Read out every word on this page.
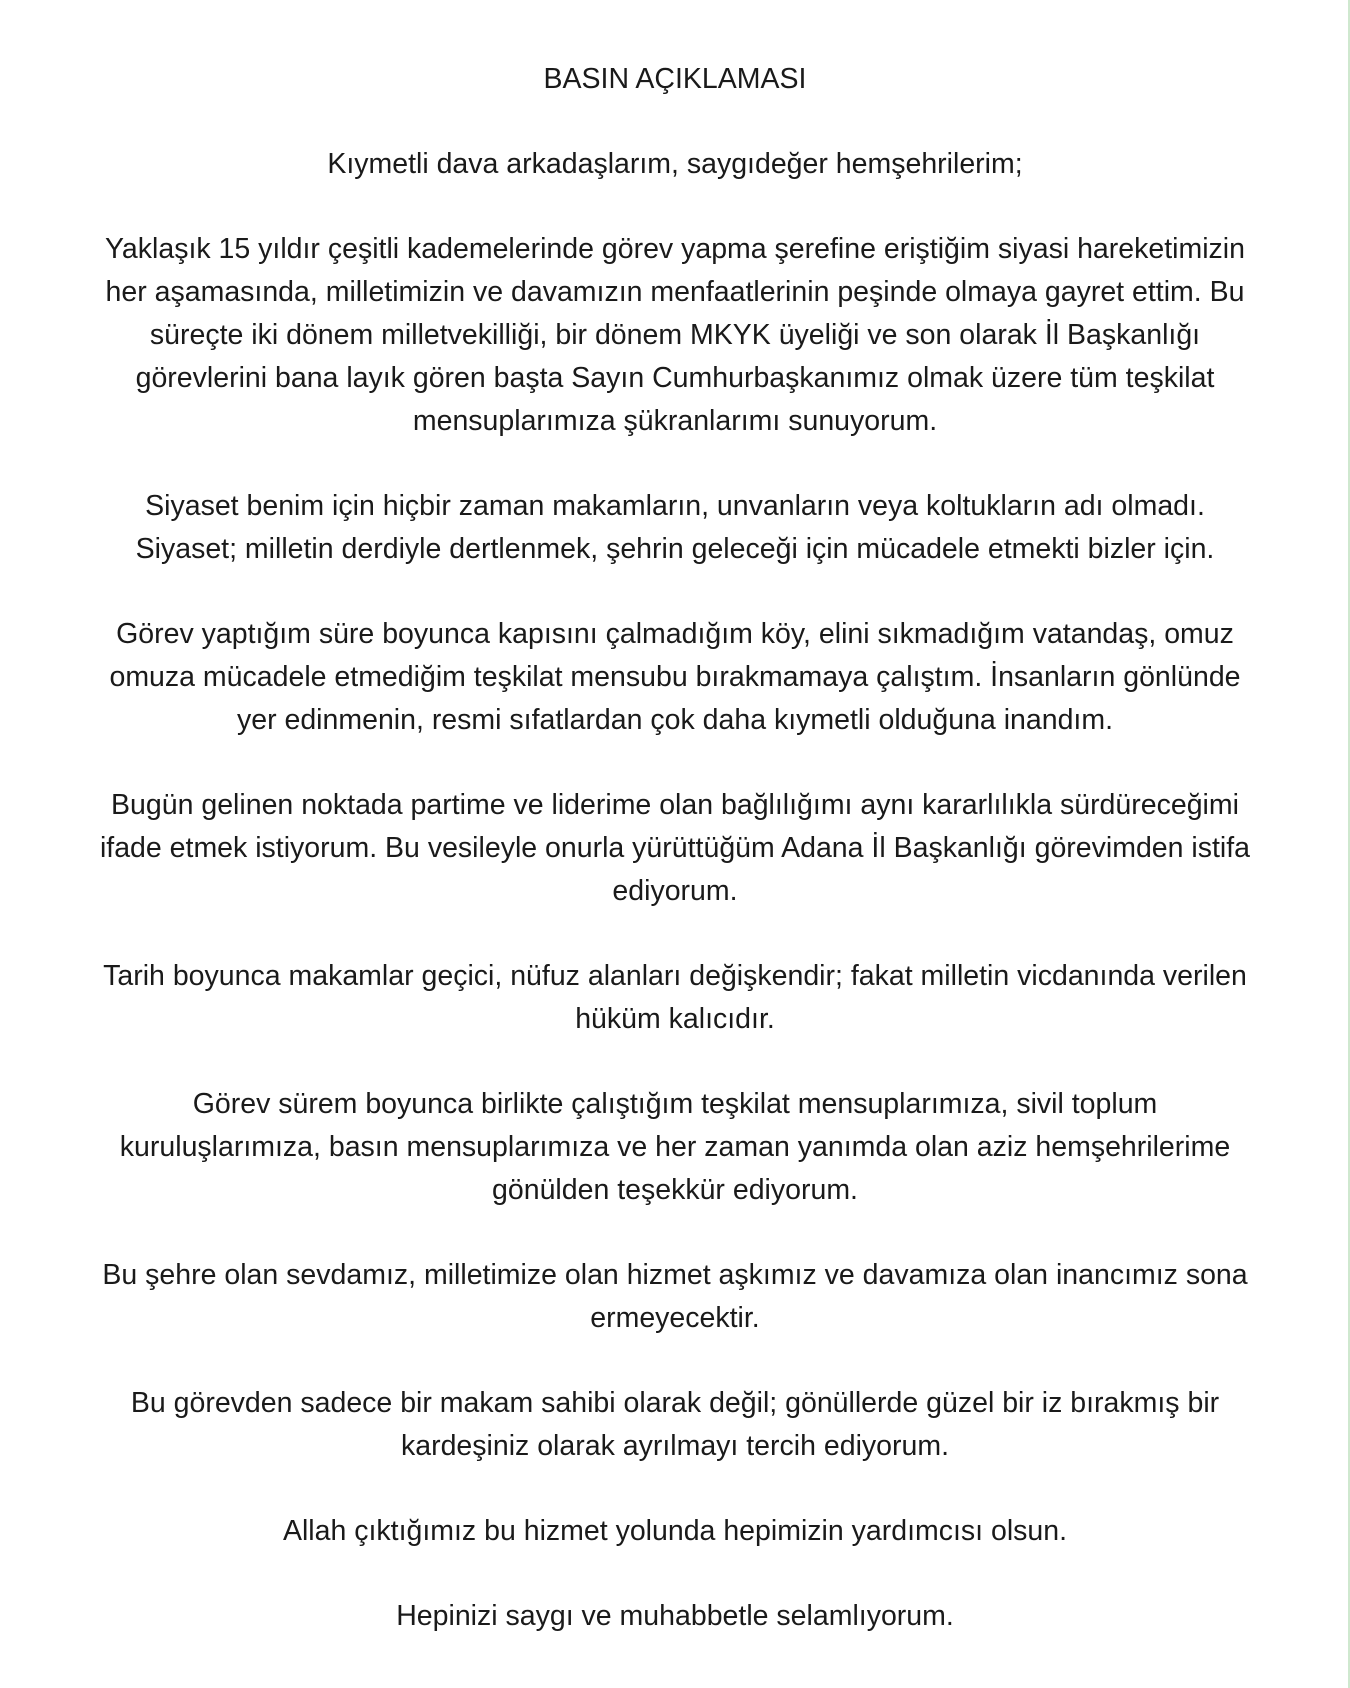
BASIN AÇIKLAMASI

Kıymetli dava arkadaşlarım, saygıdeğer hemşehrilerim;

Yaklaşık 15 yıldır çeşitli kademelerinde görev yapma şerefine eriştiğim siyasi hareketimizin
her aşamasında, milletimizin ve davamızın menfaatlerinin peşinde olmaya gayret ettim. Bu
süreçte iki dönem milletvekilliği, bir dönem MKYK üyeliği ve son olarak İl Başkanlığı
görevlerini bana layık gören başta Sayın Cumhurbaşkanımız olmak üzere tüm teşkilat
mensuplarımıza şükranlarımı sunuyorum.

Siyaset benim için hiçbir zaman makamların, unvanların veya koltukların adı olmadı.
Siyaset; milletin derdiyle dertlenmek, şehrin geleceği için mücadele etmekti bizler için.

Görev yaptığım süre boyunca kapısını çalmadığım köy, elini sıkmadığım vatandaş, omuz
omuza mücadele etmediğim teşkilat mensubu bırakmamaya çalıştım. İnsanların gönlünde
yer edinmenin, resmi sıfatlardan çok daha kıymetli olduğuna inandım.

Bugün gelinen noktada partime ve liderime olan bağlılığımı aynı kararlılıkla sürdüreceğimi
ifade etmek istiyorum. Bu vesileyle onurla yürüttüğüm Adana İl Başkanlığı görevimden istifa
ediyorum.

Tarih boyunca makamlar geçici, nüfuz alanları değişkendir; fakat milletin vicdanında verilen
hüküm kalıcıdır.

Görev sürem boyunca birlikte çalıştığım teşkilat mensuplarımıza, sivil toplum
kuruluşlarımıza, basın mensuplarımıza ve her zaman yanımda olan aziz hemşehrilerime
gönülden teşekkür ediyorum.

Bu şehre olan sevdamız, milletimize olan hizmet aşkımız ve davamıza olan inancımız sona
ermeyecektir.

Bu görevden sadece bir makam sahibi olarak değil; gönüllerde güzel bir iz bırakmış bir
kardeşiniz olarak ayrılmayı tercih ediyorum.

Allah çıktığımız bu hizmet yolunda hepimizin yardımcısı olsun.

Hepinizi saygı ve muhabbetle selamlıyorum.
